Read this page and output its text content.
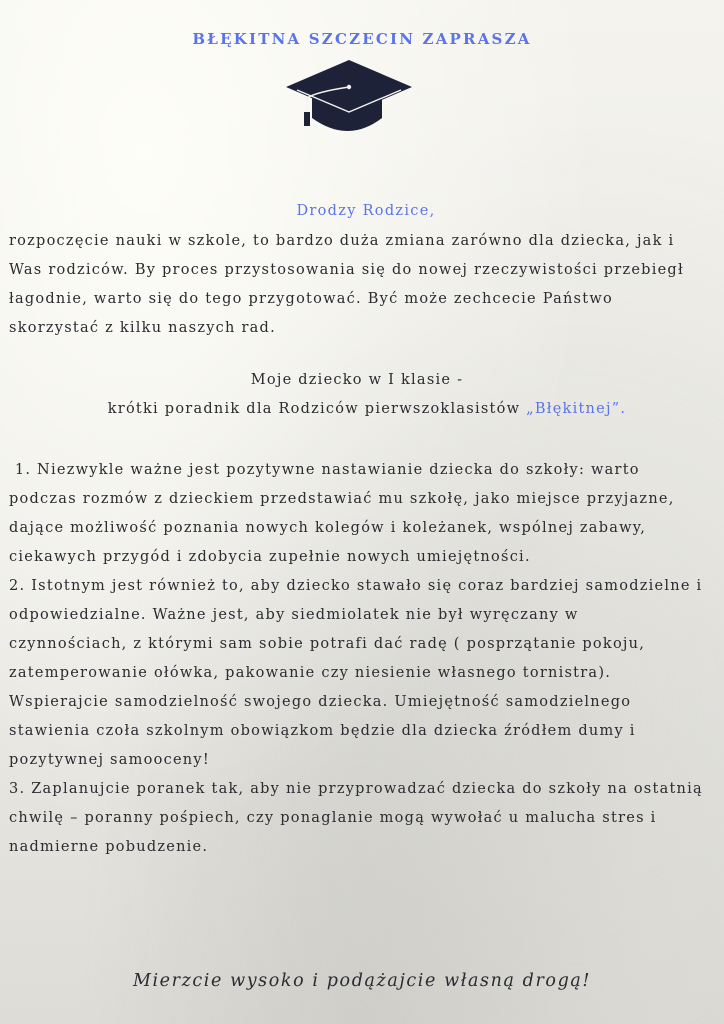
BŁĘKITNA SZCZECIN ZAPRASZA
Drodzy Rodzice,
rozpoczęcie nauki w szkole, to bardzo duża zmiana zarówno dla dziecka, jak i
Was rodziców. By proces przystosowania się do nowej rzeczywistości przebiegł
łagodnie, warto się do tego przygotować. Być może zechcecie Państwo
skorzystać z kilku naszych rad.
Moje dziecko w I klasie -
krótki poradnik dla Rodziców pierwszoklasistów „Błękitnej”.
1. Niezwykle ważne jest pozytywne nastawianie dziecka do szkoły: warto
podczas rozmów z dzieckiem przedstawiać mu szkołę, jako miejsce przyjazne,
dające możliwość poznania nowych kolegów i koleżanek, wspólnej zabawy,
ciekawych przygód i zdobycia zupełnie nowych umiejętności.
2. Istotnym jest również to, aby dziecko stawało się coraz bardziej samodzielne i
odpowiedzialne. Ważne jest, aby siedmiolatek nie był wyręczany w
czynnościach, z którymi sam sobie potrafi dać radę ( posprzątanie pokoju,
zatemperowanie ołówka, pakowanie czy niesienie własnego tornistra).
Wspierajcie samodzielność swojego dziecka. Umiejętność samodzielnego
stawienia czoła szkolnym obowiązkom będzie dla dziecka źródłem dumy i
pozytywnej samooceny!
3. Zaplanujcie poranek tak, aby nie przyprowadzać dziecka do szkoły na ostatnią
chwilę – poranny pośpiech, czy ponaglanie mogą wywołać u malucha stres i
nadmierne pobudzenie.
Mierzcie wysoko i podążajcie własną drogą!
